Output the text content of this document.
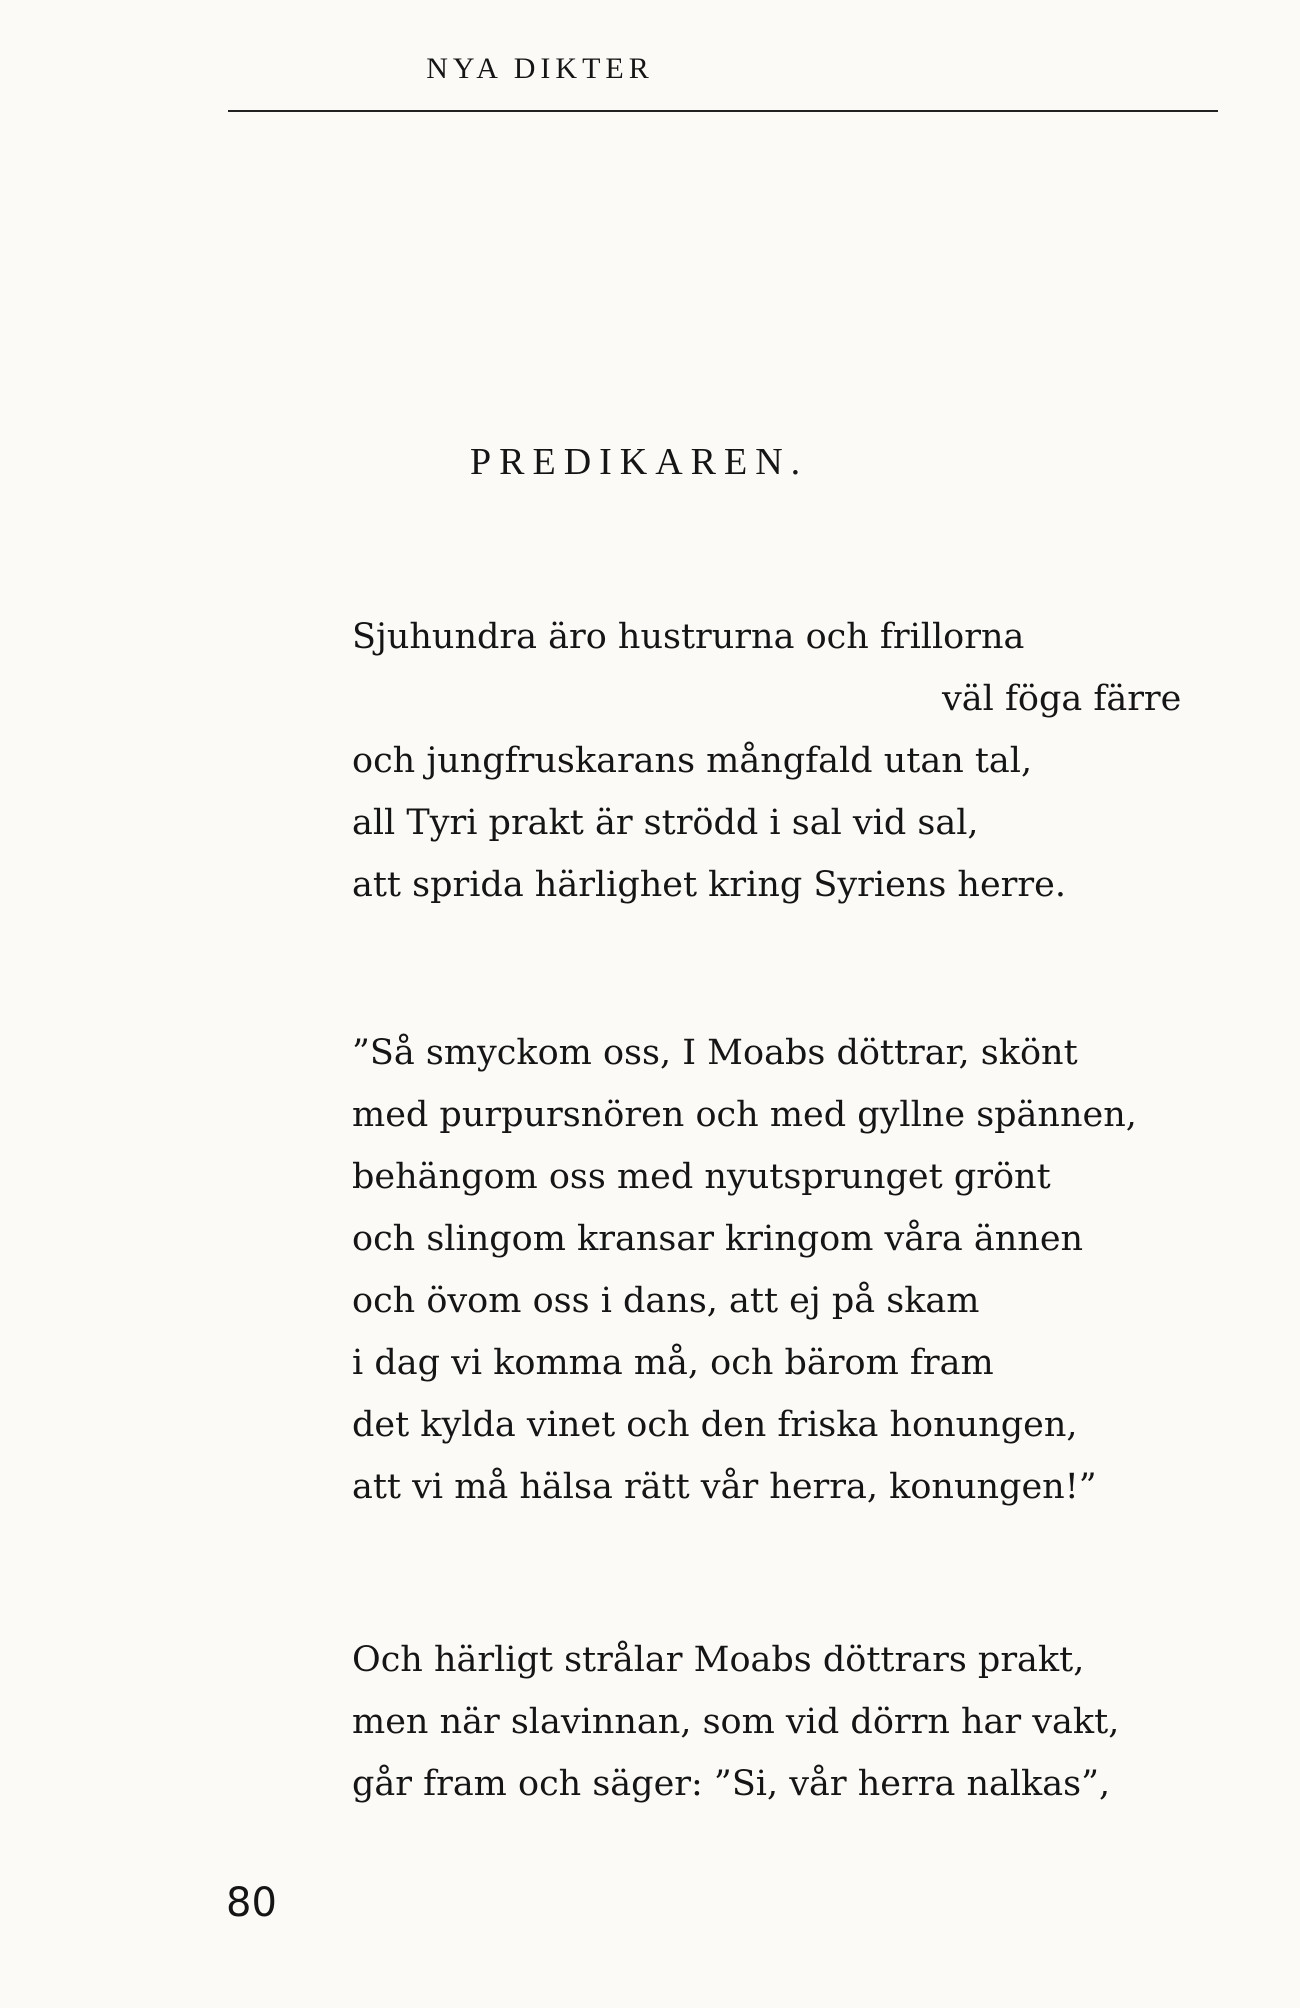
NYA DIKTER
PREDIKAREN.
Sjuhundra äro hustrurna och frillorna
väl föga färre
och jungfruskarans mångfald utan tal,
all Tyri prakt är strödd i sal vid sal,
att sprida härlighet kring Syriens herre.
”Så smyckom oss, I Moabs döttrar, skönt
med purpursnören och med gyllne spännen,
behängom oss med nyutsprunget grönt
och slingom kransar kringom våra ännen
och övom oss i dans, att ej på skam
i dag vi komma må, och bärom fram
det kylda vinet och den friska honungen,
att vi må hälsa rätt vår herra, konungen!”
Och härligt strålar Moabs döttrars prakt,
men när slavinnan, som vid dörrn har vakt,
går fram och säger: ”Si, vår herra nalkas”,
80
